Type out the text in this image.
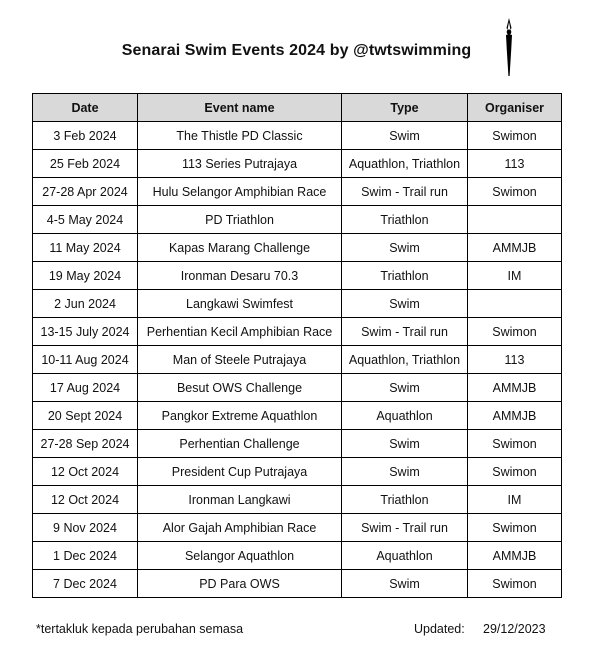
Senarai Swim Events 2024 by @twtswimming
Date	Event name	Type	Organiser
3 Feb 2024	The Thistle PD Classic	Swim	Swimon
25 Feb 2024	113 Series Putrajaya	Aquathlon, Triathlon	113
27-28 Apr 2024	Hulu Selangor Amphibian Race	Swim - Trail run	Swimon
4-5 May 2024	PD Triathlon	Triathlon	
11 May 2024	Kapas Marang Challenge	Swim	AMMJB
19 May 2024	Ironman Desaru 70.3	Triathlon	IM
2 Jun 2024	Langkawi Swimfest	Swim	
13-15 July 2024	Perhentian Kecil Amphibian Race	Swim - Trail run	Swimon
10-11 Aug 2024	Man of Steele Putrajaya	Aquathlon, Triathlon	113
17 Aug 2024	Besut OWS Challenge	Swim	AMMJB
20 Sept 2024	Pangkor Extreme Aquathlon	Aquathlon	AMMJB
27-28 Sep 2024	Perhentian Challenge	Swim	Swimon
12 Oct 2024	President Cup Putrajaya	Swim	Swimon
12 Oct 2024	Ironman Langkawi	Triathlon	IM
9 Nov 2024	Alor Gajah Amphibian Race	Swim - Trail run	Swimon
1 Dec 2024	Selangor Aquathlon	Aquathlon	AMMJB
7 Dec 2024	PD Para OWS	Swim	Swimon
*tertakluk kepada perubahan semasa	Updated: 29/12/2023
